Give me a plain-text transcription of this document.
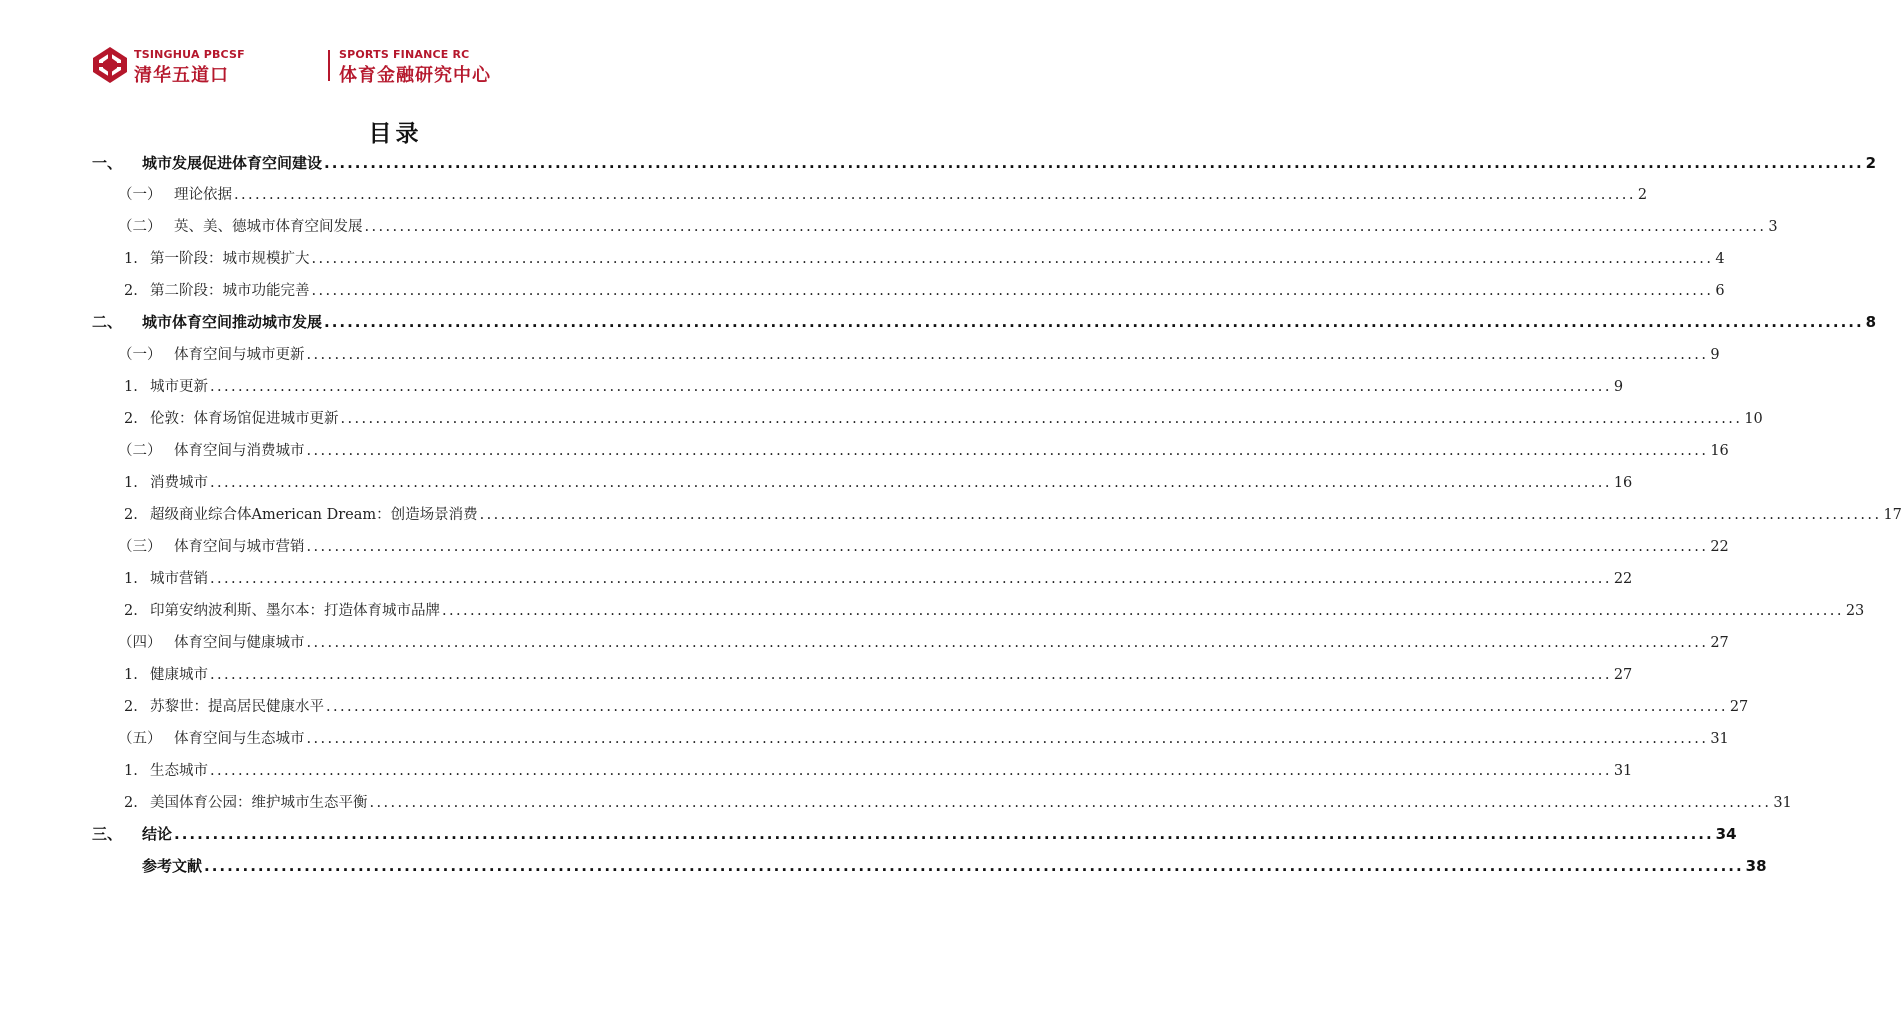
TSINGHUA PBCSF
清华五道口
SPORTS FINANCE RC
体育金融研究中心
目录
一、 城市发展促进体育空间建设 ........................................................................................................................................................................................................ 2
（一） 理论依据 ........................................................................................................................................................................................................ 2
（二） 英、美、德城市体育空间发展 ........................................................................................................................................................................................................ 3
1. 第一阶段：城市规模扩大 ........................................................................................................................................................................................................ 4
2. 第二阶段：城市功能完善 ........................................................................................................................................................................................................ 6
二、 城市体育空间推动城市发展 ........................................................................................................................................................................................................ 8
（一） 体育空间与城市更新 ........................................................................................................................................................................................................ 9
1. 城市更新 ........................................................................................................................................................................................................ 9
2. 伦敦：体育场馆促进城市更新 ........................................................................................................................................................................................................ 10
（二） 体育空间与消费城市 ........................................................................................................................................................................................................ 16
1. 消费城市 ........................................................................................................................................................................................................ 16
2. 超级商业综合体American Dream：创造场景消费 ........................................................................................................................................................................................................ 17
（三） 体育空间与城市营销 ........................................................................................................................................................................................................ 22
1. 城市营销 ........................................................................................................................................................................................................ 22
2. 印第安纳波利斯、墨尔本：打造体育城市品牌 ........................................................................................................................................................................................................ 23
（四） 体育空间与健康城市 ........................................................................................................................................................................................................ 27
1. 健康城市 ........................................................................................................................................................................................................ 27
2. 苏黎世：提高居民健康水平 ........................................................................................................................................................................................................ 27
（五） 体育空间与生态城市 ........................................................................................................................................................................................................ 31
1. 生态城市 ........................................................................................................................................................................................................ 31
2. 美国体育公园：维护城市生态平衡 ........................................................................................................................................................................................................ 31
三、 结论 ........................................................................................................................................................................................................ 34
参考文献 ........................................................................................................................................................................................................ 38
